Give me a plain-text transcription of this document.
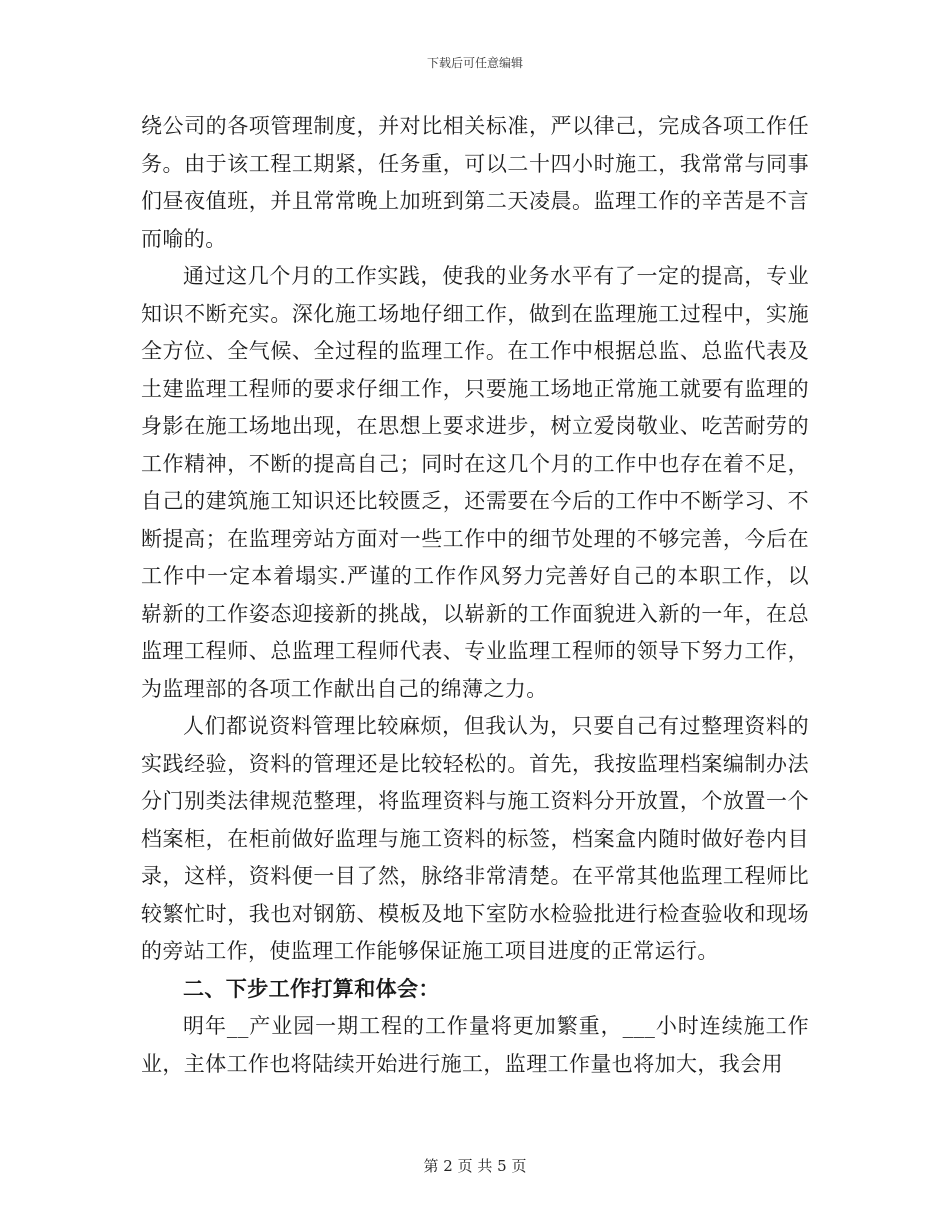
下载后可任意编辑

绕公司的各项管理制度，并对比相关标准，严以律己，完成各项工作任务。由于该工程工期紧，任务重，可以二十四小时施工，我常常与同事们昼夜值班，并且常常晚上加班到第二天凌晨。监理工作的辛苦是不言而喻的。

通过这几个月的工作实践，使我的业务水平有了一定的提高，专业知识不断充实。深化施工场地仔细工作，做到在监理施工过程中，实施全方位、全气候、全过程的监理工作。在工作中根据总监、总监代表及土建监理工程师的要求仔细工作，只要施工场地正常施工就要有监理的身影在施工场地出现，在思想上要求进步，树立爱岗敬业、吃苦耐劳的工作精神，不断的提高自己；同时在这几个月的工作中也存在着不足，自己的建筑施工知识还比较匮乏，还需要在今后的工作中不断学习、不断提高；在监理旁站方面对一些工作中的细节处理的不够完善，今后在工作中一定本着塌实.严谨的工作作风努力完善好自己的本职工作，以崭新的工作姿态迎接新的挑战，以崭新的工作面貌进入新的一年，在总监理工程师、总监理工程师代表、专业监理工程师的领导下努力工作，为监理部的各项工作献出自己的绵薄之力。

人们都说资料管理比较麻烦，但我认为，只要自己有过整理资料的实践经验，资料的管理还是比较轻松的。首先，我按监理档案编制办法分门别类法律规范整理，将监理资料与施工资料分开放置，个放置一个档案柜，在柜前做好监理与施工资料的标签，档案盒内随时做好卷内目录，这样，资料便一目了然，脉络非常清楚。在平常其他监理工程师比较繁忙时，我也对钢筋、模板及地下室防水检验批进行检查验收和现场的旁站工作，使监理工作能够保证施工项目进度的正常运行。

二、下步工作打算和体会：

明年__产业园一期工程的工作量将更加繁重，___小时连续施工作业，主体工作也将陆续开始进行施工，监理工作量也将加大，我会用

第 2 页 共 5 页
